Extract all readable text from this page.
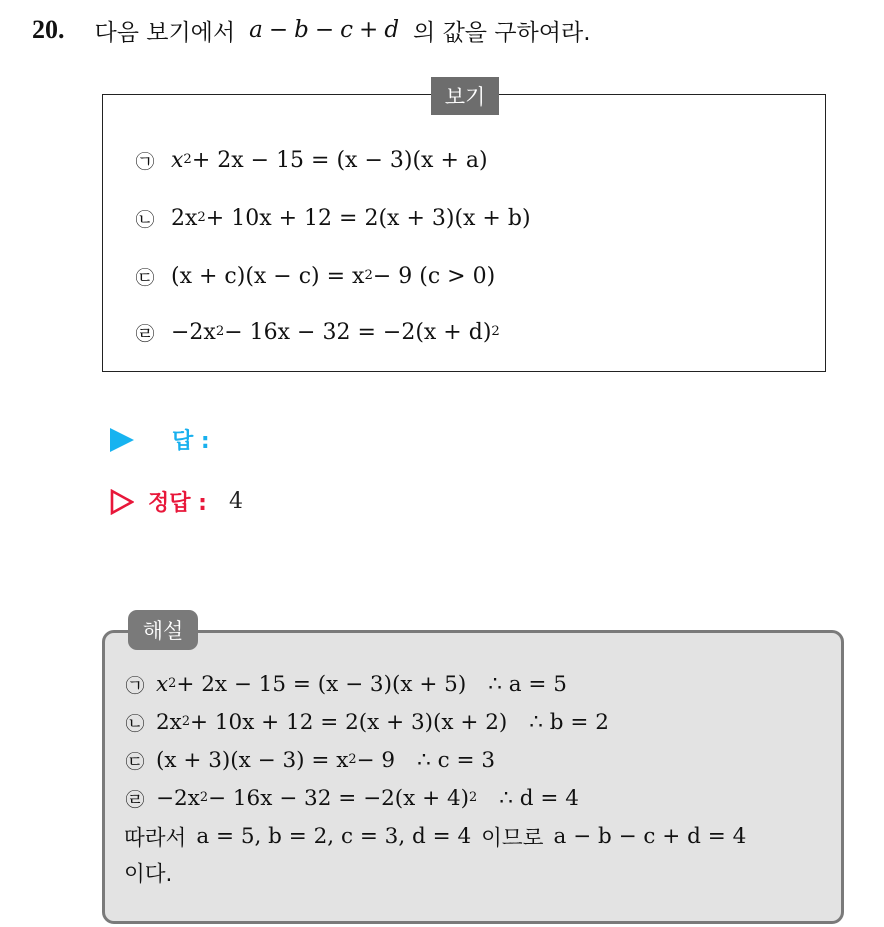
20. 다음 보기에서 a − b − c + d 의 값을 구하여라.
보기
㉠ x 2 + 2x − 15 = (x − 3)(x + a)
㉡ 2x 2 + 10x + 12 = 2(x + 3)(x + b)
㉢ (x + c)(x − c) = x 2 − 9 (c > 0)
㉣ −2x 2 − 16x − 32 = −2(x + d) 2
답 :
정답 : 4
해설
㉠ x 2 + 2x − 15 = (x − 3)(x + 5) ∴ a = 5
㉡ 2x 2 + 10x + 12 = 2(x + 3)(x + 2) ∴ b = 2
㉢ (x + 3)(x − 3) = x 2 − 9 ∴ c = 3
㉣ −2x 2 − 16x − 32 = −2(x + 4) 2 ∴ d = 4
따라서 a = 5, b = 2, c = 3, d = 4 이므로 a − b − c + d = 4
이다.
